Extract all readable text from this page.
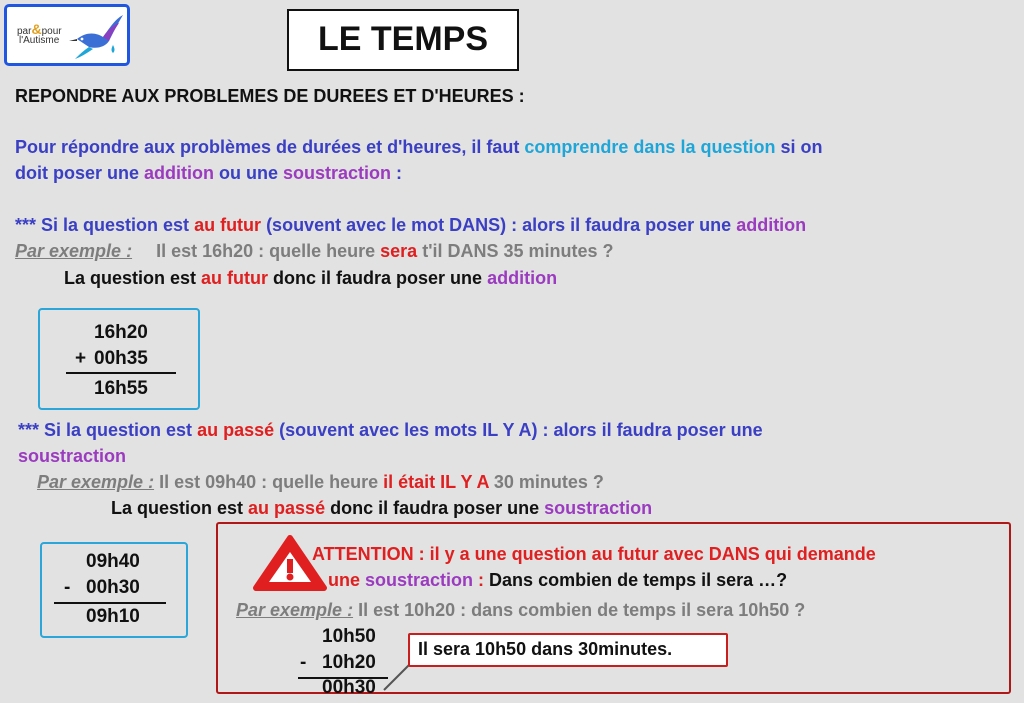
par&pour
l'Autisme	LE TEMPS
REPONDRE AUX PROBLEMES DE DUREES ET D'HEURES :
Pour répondre aux problèmes de durées et d'heures, il faut comprendre dans la question si on
doit poser une addition ou une soustraction :
*** Si la question est au futur (souvent avec le mot DANS) : alors il faudra poser une addition
Par exemple : Il est 16h20 : quelle heure sera t'il DANS 35 minutes ?
La question est au futur donc il faudra poser une addition
16h20
+ 00h35
16h55
*** Si la question est au passé (souvent avec les mots IL Y A) : alors il faudra poser une
soustraction
Par exemple : Il est 09h40 : quelle heure il était IL Y A 30 minutes ?
La question est au passé donc il faudra poser une soustraction
09h40
- 00h30
09h10
ATTENTION : il y a une question au futur avec DANS qui demande
une soustraction : Dans combien de temps il sera …?
Par exemple : Il est 10h20 : dans combien de temps il sera 10h50 ?
10h50
- 10h20
00h30
Il sera 10h50 dans 30minutes.
